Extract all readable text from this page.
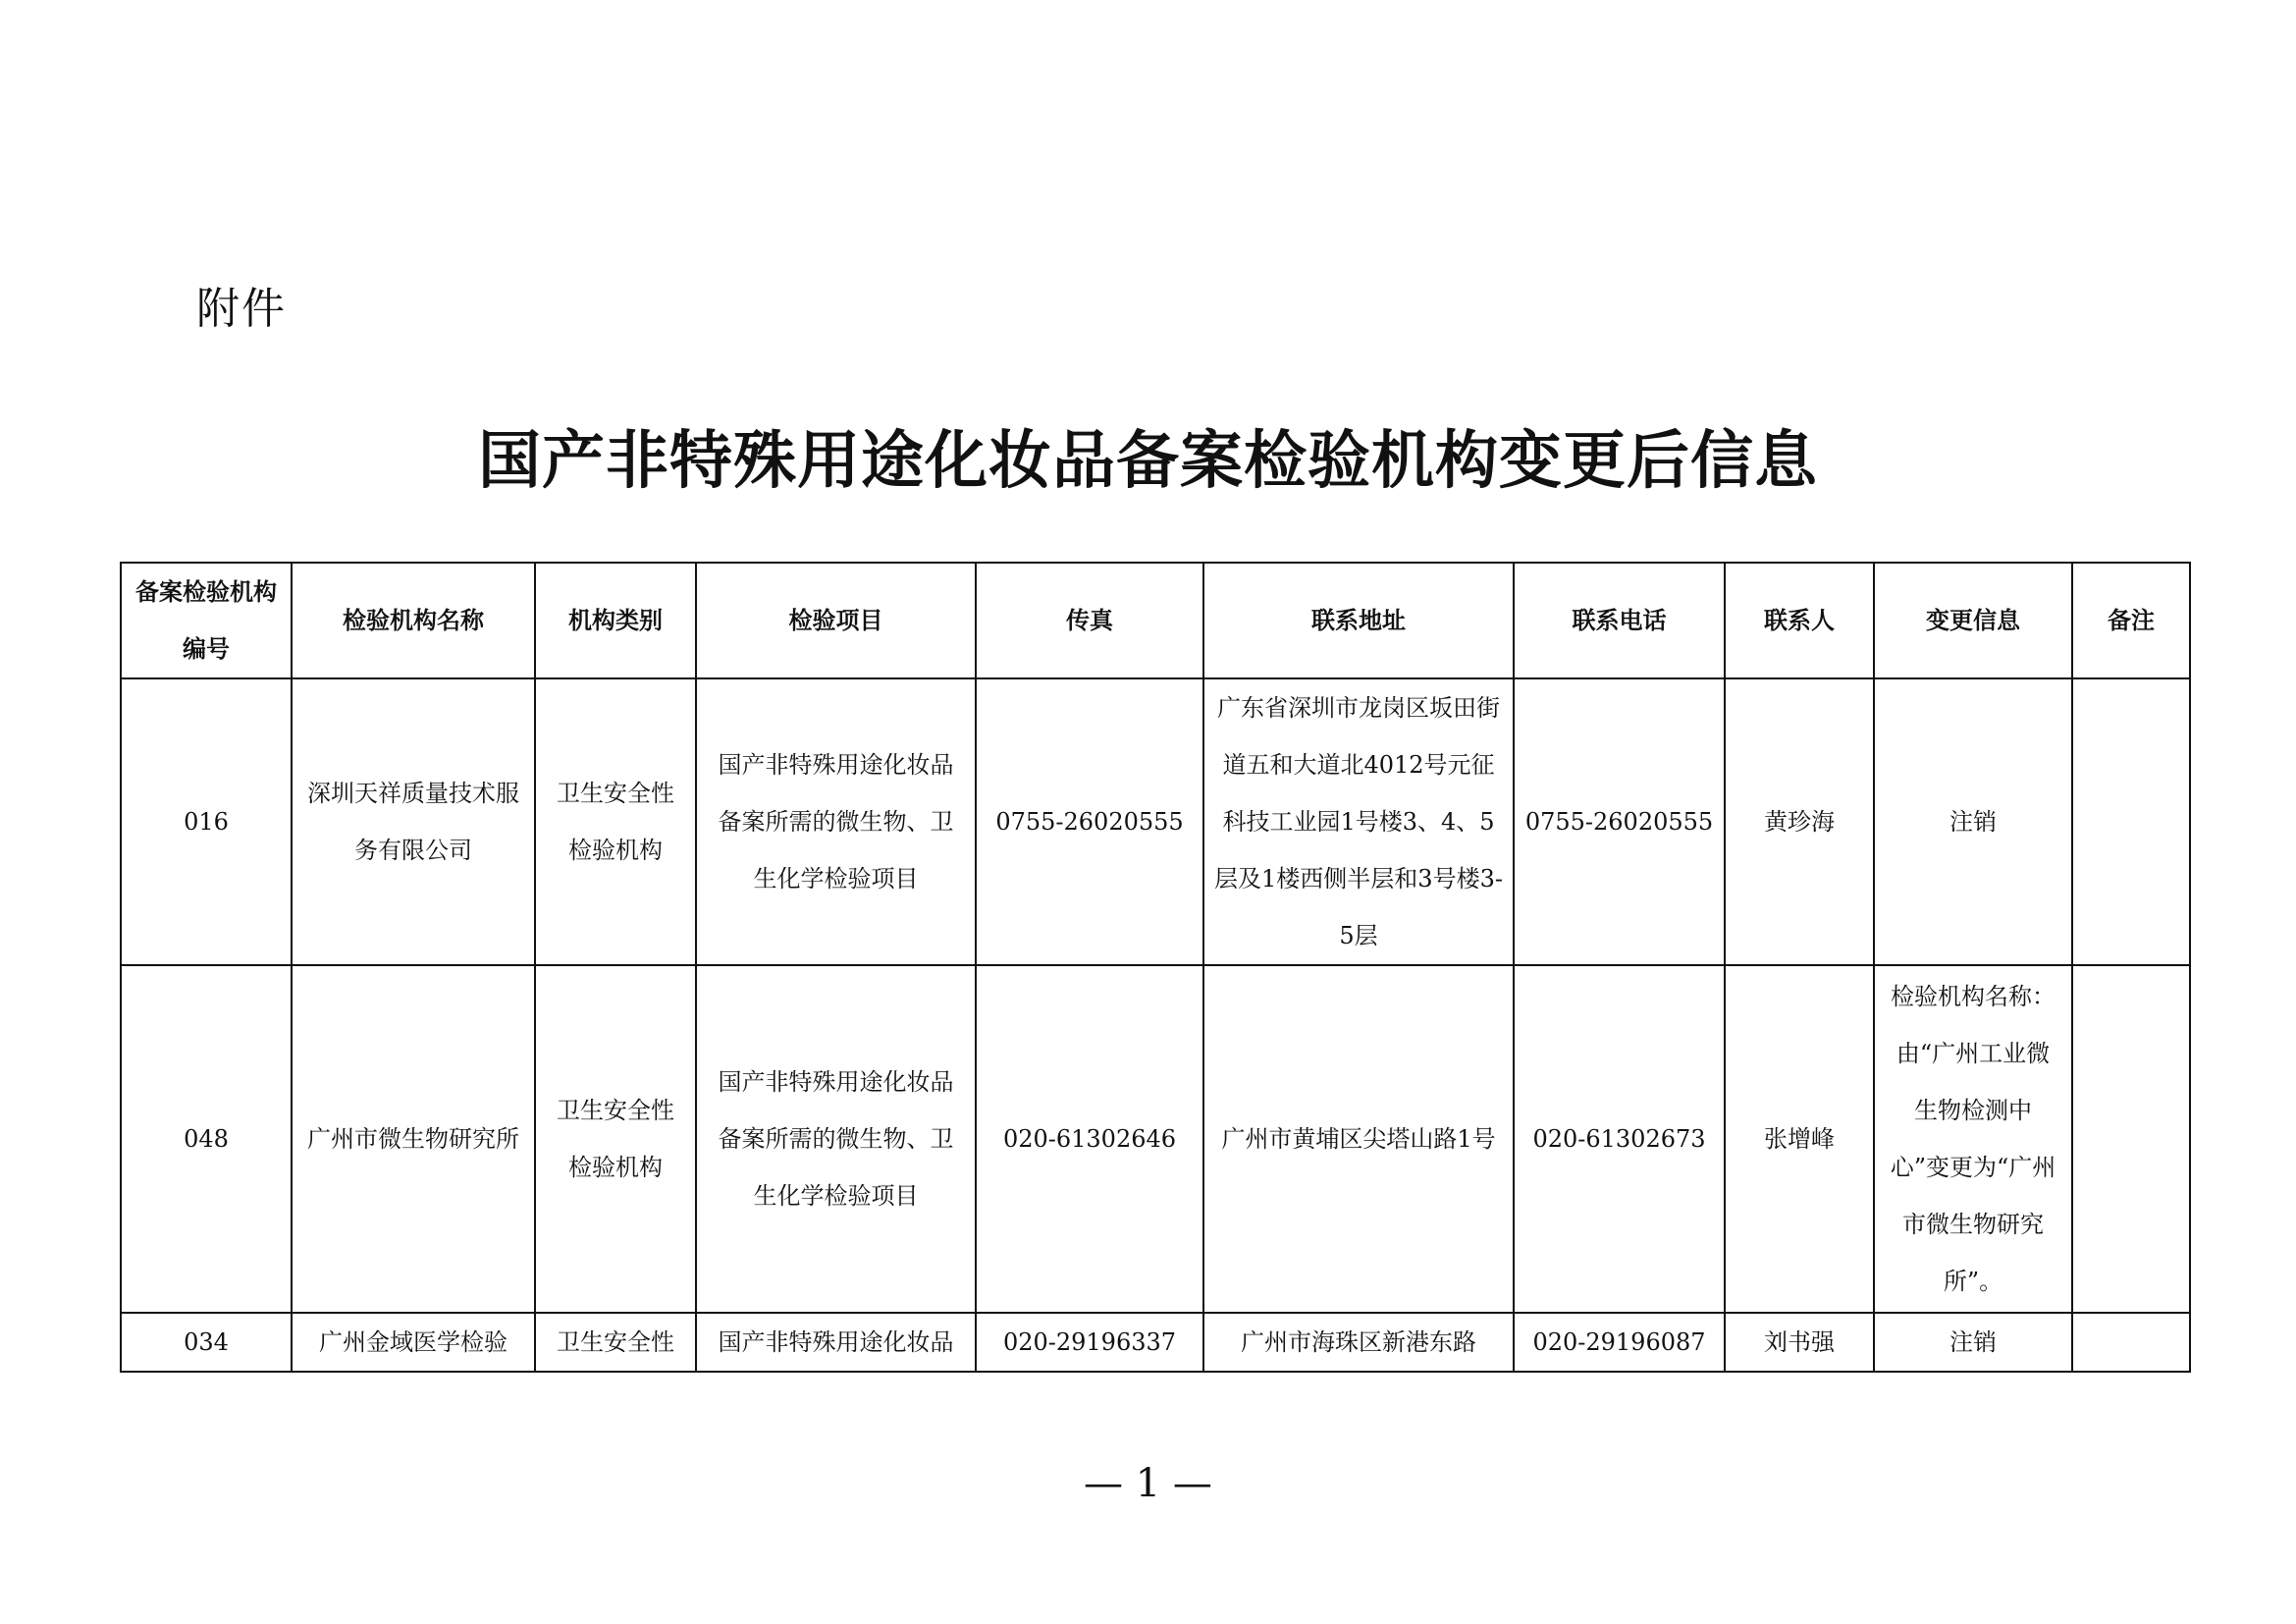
附件
国产非特殊用途化妆品备案检验机构变更后信息
备案检验机构编号	检验机构名称	机构类别	检验项目	传真	联系地址	联系电话	联系人	变更信息	备注
016	深圳天祥质量技术服务有限公司	卫生安全性检验机构	国产非特殊用途化妆品备案所需的微生物、卫生化学检验项目	0755-26020555	广东省深圳市龙岗区坂田街道五和大道北4012号元征科技工业园1号楼3、4、5层及1楼西侧半层和3号楼3-5层	0755-26020555	黄珍海	注销	
048	广州市微生物研究所	卫生安全性检验机构	国产非特殊用途化妆品备案所需的微生物、卫生化学检验项目	020-61302646	广州市黄埔区尖塔山路1号	020-61302673	张增峰	检验机构名称：由“广州工业微生物检测中心”变更为“广州市微生物研究所”。	
034	广州金域医学检验	卫生安全性	国产非特殊用途化妆品	020-29196337	广州市海珠区新港东路	020-29196087	刘书强	注销	
— 1 —
